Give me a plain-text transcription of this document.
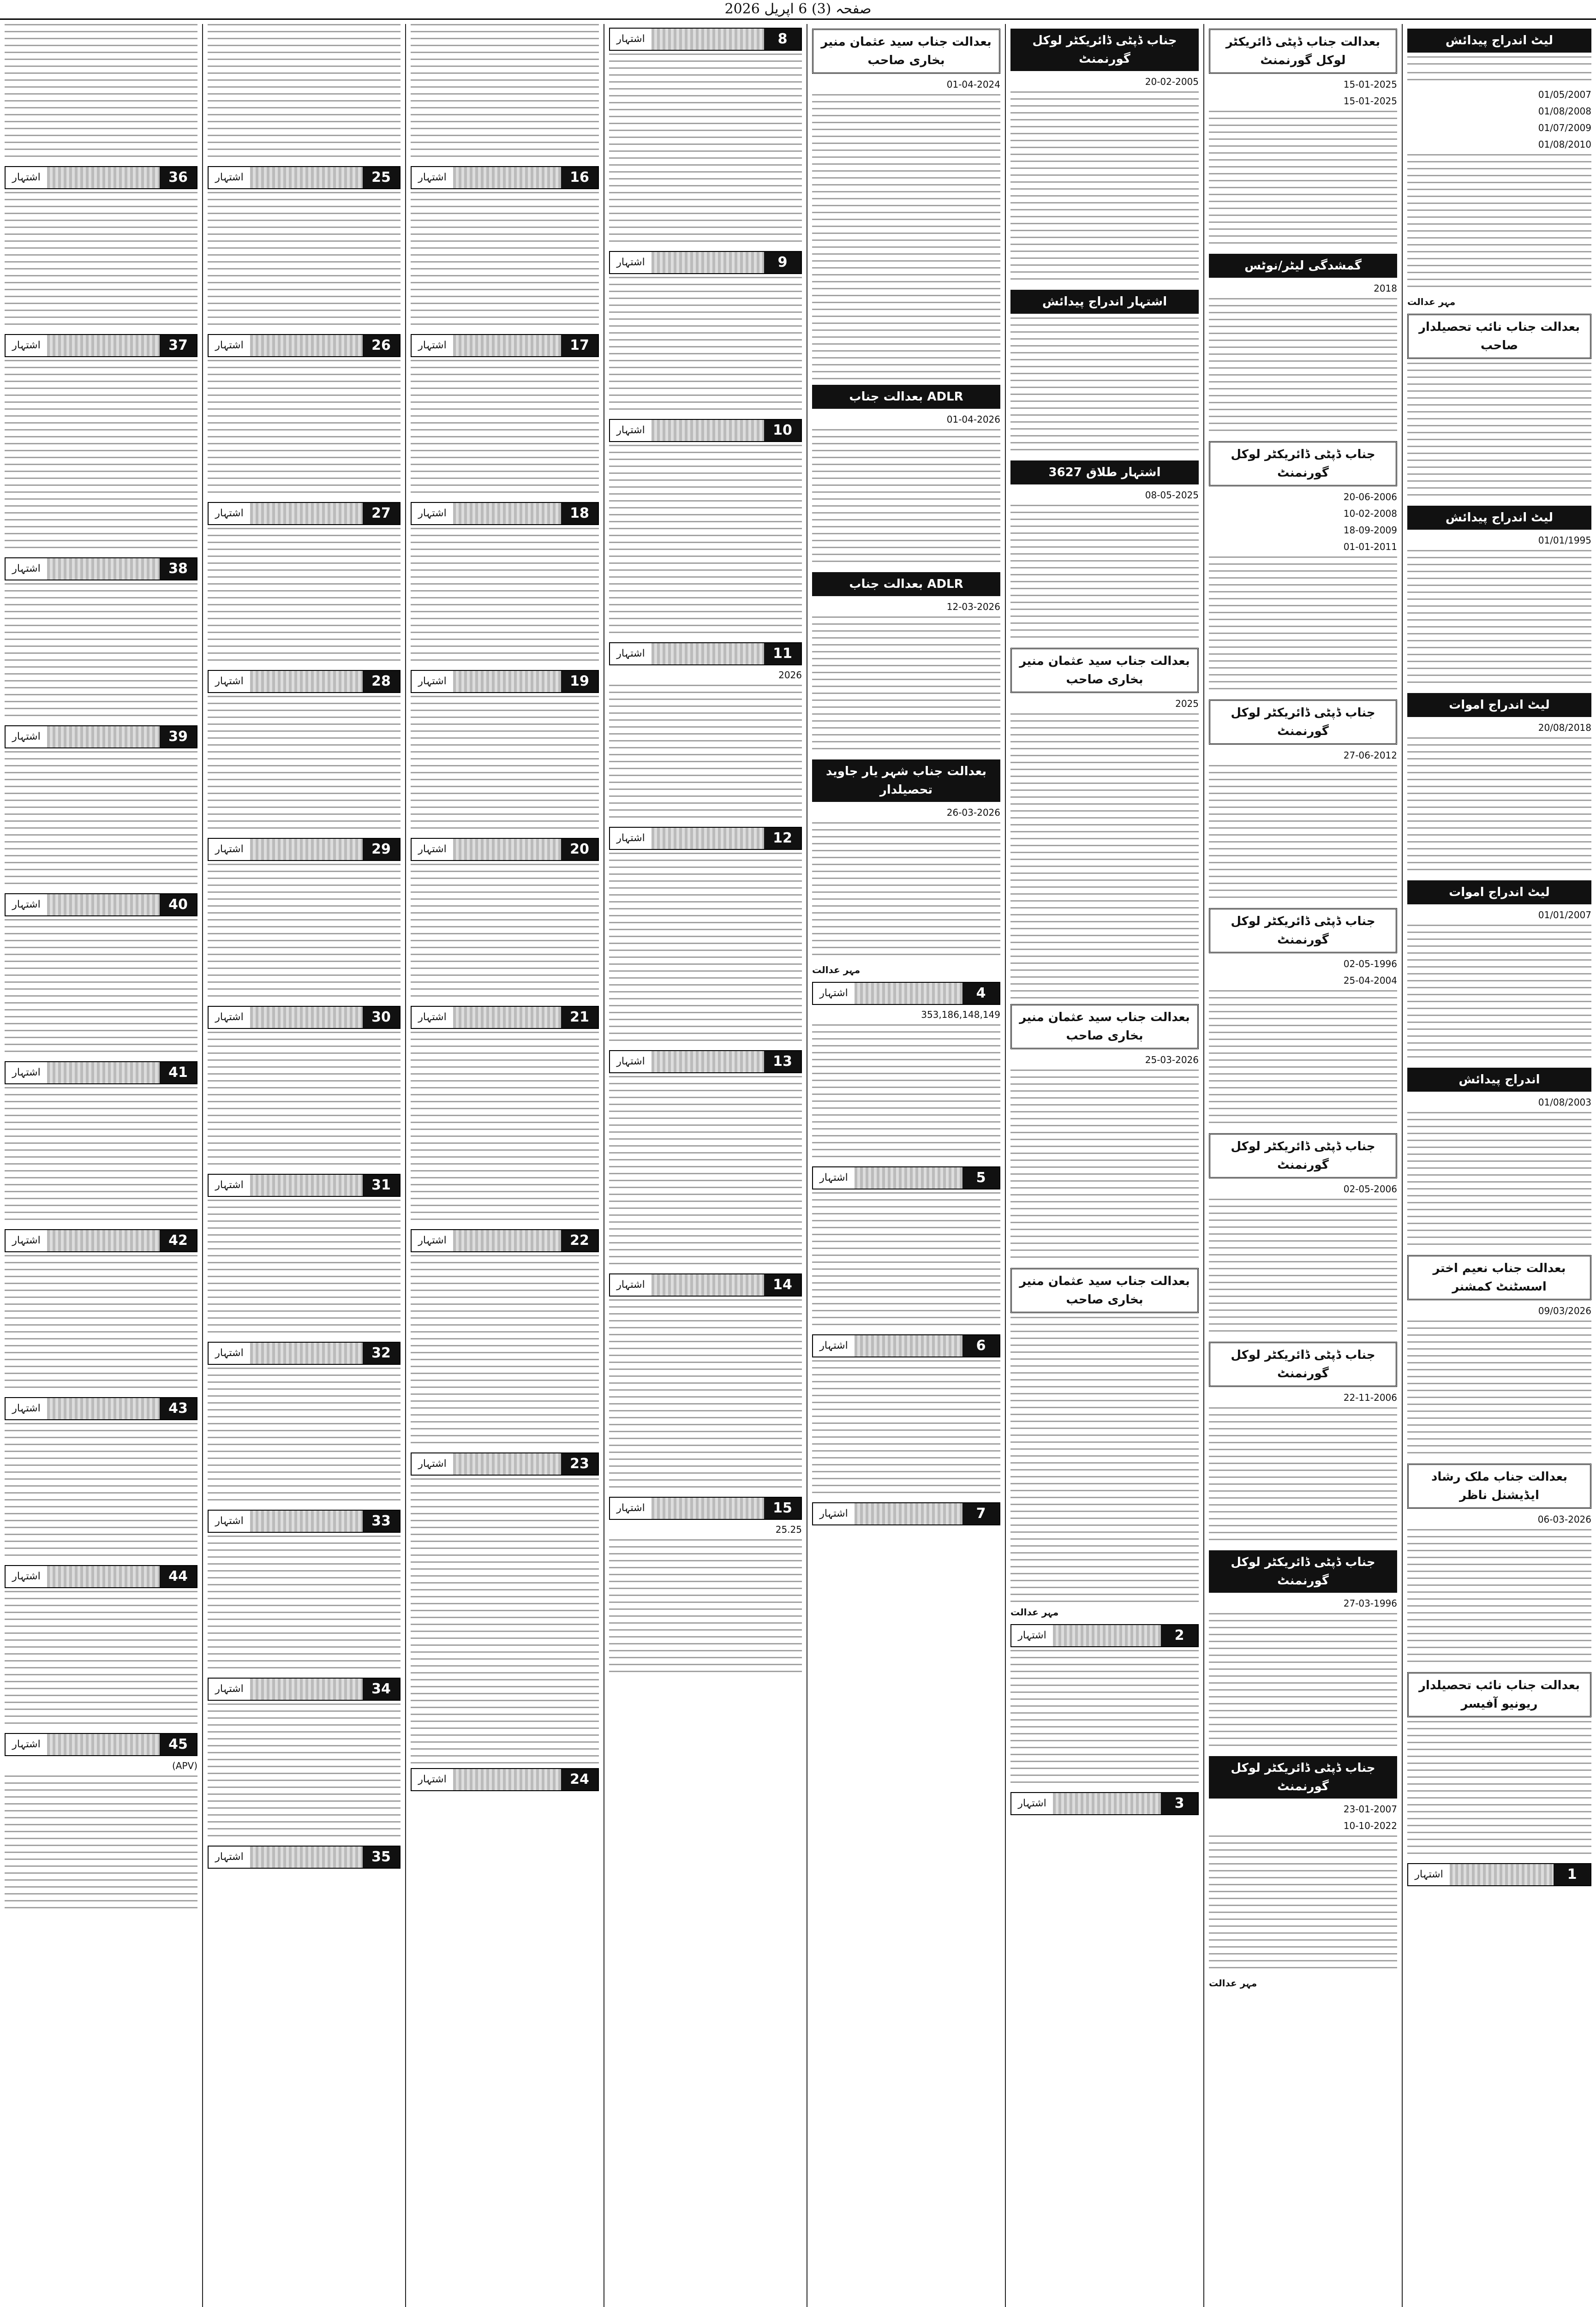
صفحہ (3) 6 اپریل 2026
لیٹ اندراج پیدائش

01/05/2007

01/08/2008

01/07/2009

01/08/2010

مہر عدالت
بعدالت جناب نائب تحصیلدار صاحب
لیٹ اندراج پیدائش

01/01/1995

لیٹ اندراج اموات

20/08/2018

لیٹ اندراج اموات

01/01/2007

اندراج پیدائش

01/08/2003

بعدالت جناب نعیم اختر اسسٹنٹ کمشنر

09/03/2026

بعدالت جناب ملک رشاد ایڈیشنل ناظر

06-03-2026

بعدالت جناب نائب تحصیلدار ریونیو آفیسر
اشتہار	1
بعدالت جناب ڈپٹی ڈائریکٹر لوکل گورنمنٹ

15-01-2025

15-01-2025

گمشدگی لیٹر/نوٹس

2018

جناب ڈپٹی ڈائریکٹر لوکل گورنمنٹ

20-06-2006

10-02-2008

18-09-2009

01-01-2011

جناب ڈپٹی ڈائریکٹر لوکل گورنمنٹ

27-06-2012

جناب ڈپٹی ڈائریکٹر لوکل گورنمنٹ

02-05-1996

25-04-2004

جناب ڈپٹی ڈائریکٹر لوکل گورنمنٹ

02-05-2006

جناب ڈپٹی ڈائریکٹر لوکل گورنمنٹ

22-11-2006

جناب ڈپٹی ڈائریکٹر لوکل گورنمنٹ

27-03-1996

جناب ڈپٹی ڈائریکٹر لوکل گورنمنٹ

23-01-2007

10-10-2022

مہر عدالت
جناب ڈپٹی ڈائریکٹر لوکل گورنمنٹ

20-02-2005

اشتہار اندراج پیدائش
اشتہار طلاق 3627

08-05-2025

بعدالت جناب سید عثمان منیر بخاری صاحب

2025

بعدالت جناب سید عثمان منیر بخاری صاحب

25-03-2026

بعدالت جناب سید عثمان منیر بخاری صاحب
مہر عدالت
اشتہار	2
اشتہار	3
بعدالت جناب سید عثمان منیر بخاری صاحب

01-04-2024

بعدالت جناب ADLR

01-04-2026

بعدالت جناب ADLR

12-03-2026

بعدالت جناب شہر یار جاوید تحصیلدار

26-03-2026

مہر عدالت
اشتہار	4

353,186,148,149

اشتہار	5
اشتہار	6
اشتہار	7
اشتہار	8
اشتہار	9
اشتہار	10
اشتہار	11

2026

اشتہار	12
اشتہار	13
اشتہار	14
اشتہار	15

25.25

اشتہار	16
اشتہار	17
اشتہار	18
اشتہار	19
اشتہار	20
اشتہار	21
اشتہار	22
اشتہار	23
اشتہار	24
اشتہار	25
اشتہار	26
اشتہار	27
اشتہار	28
اشتہار	29
اشتہار	30
اشتہار	31
اشتہار	32
اشتہار	33
اشتہار	34
اشتہار	35
اشتہار	36
اشتہار	37
اشتہار	38
اشتہار	39
اشتہار	40
اشتہار	41
اشتہار	42
اشتہار	43
اشتہار	44
اشتہار	45

(APV)
